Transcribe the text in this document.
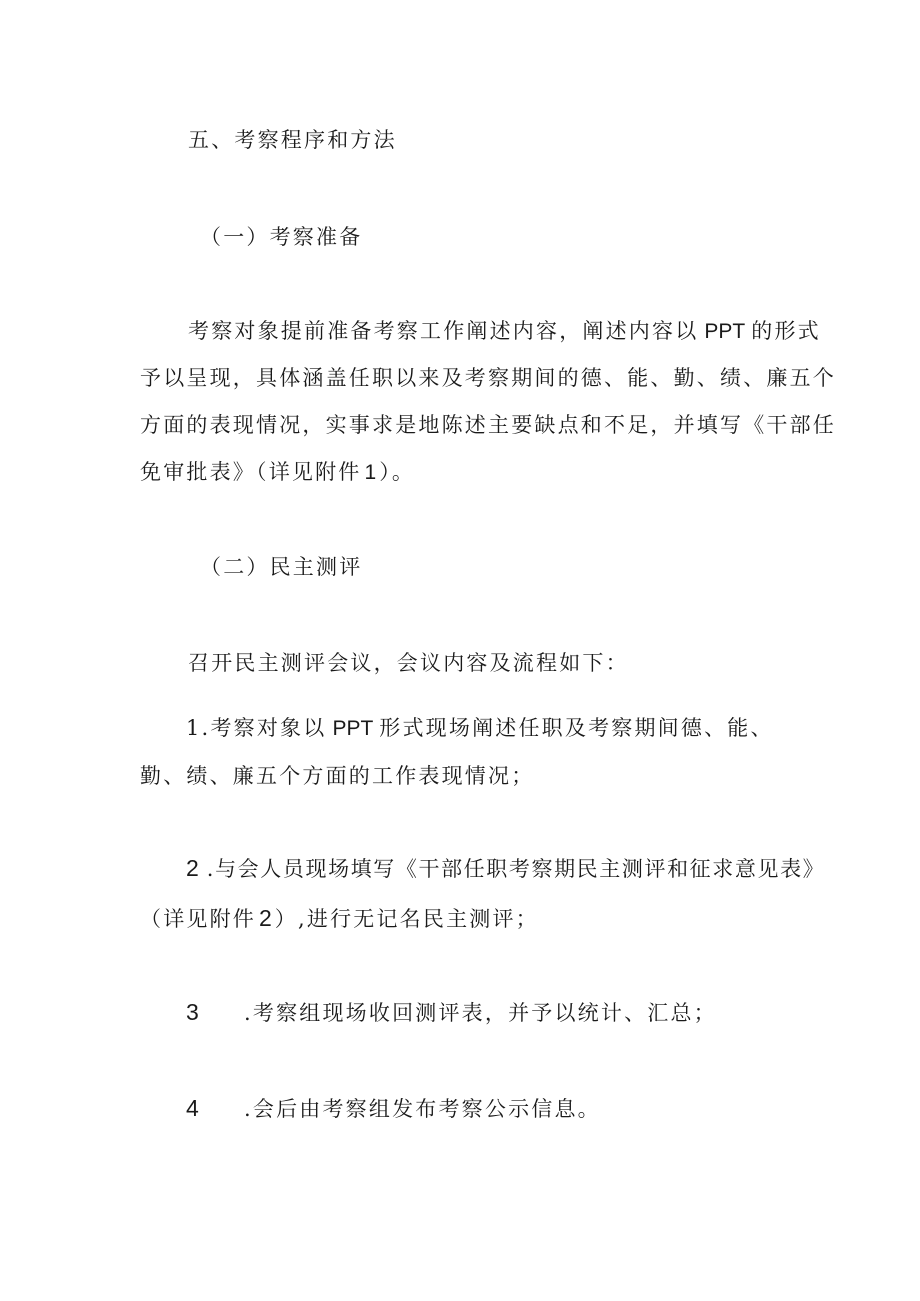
五、考察程序和方法
（一）考察准备
考察对象提前准备考察工作阐述内容，阐述内容以 PPT 的形式
予以呈现，具体涵盖任职以来及考察期间的德、能、勤、绩、廉五个
方面的表现情况，实事求是地陈述主要缺点和不足，并填写《干部任
免审批表》（详见附件 1 ）。
（二）民主测评
召开民主测评会议，会议内容及流程如下：
1.考察对象以 PPT 形式现场阐述任职及考察期间德、能、
勤、绩、廉五个方面的工作表现情况；
2 .与会人员现场填写《干部任职考察期民主测评和征求意见表》
（详见附件 2 ）,进行无记名民主测评；
3 .考察组现场收回测评表，并予以统计、汇总；
4 .会后由考察组发布考察公示信息。
